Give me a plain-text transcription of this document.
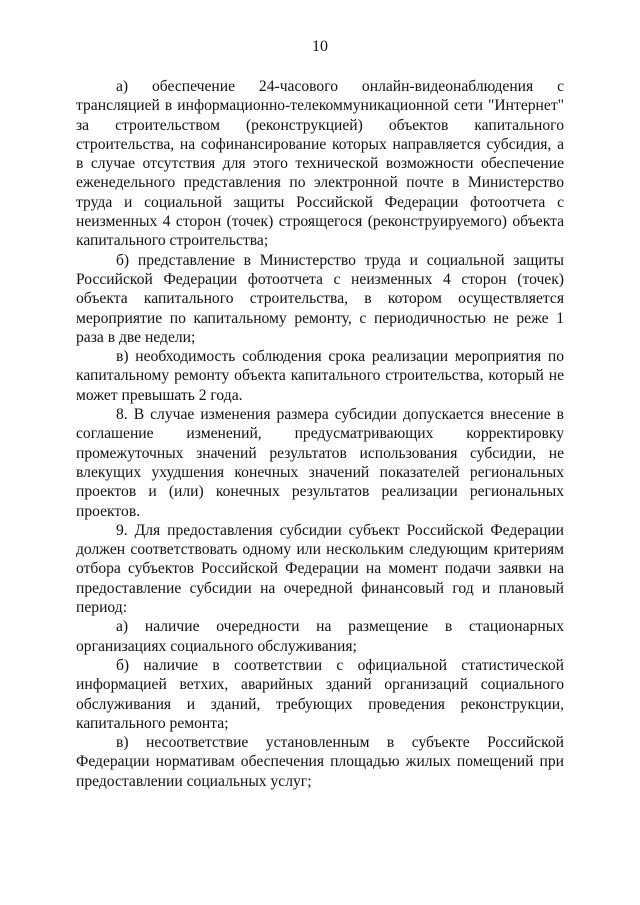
10

а) обеспечение 24-часового онлайн-видеонаблюдения с трансляцией в информационно-телекоммуникационной сети "Интернет" за строительством (реконструкцией) объектов капитального строительства, на софинансирование которых направляется субсидия, а в случае отсутствия для этого технической возможности обеспечение еженедельного представления по электронной почте в Министерство труда и социальной защиты Российской Федерации фотоотчета с неизменных 4 сторон (точек) строящегося (реконструируемого) объекта капитального строительства;

б) представление в Министерство труда и социальной защиты Российской Федерации фотоотчета с неизменных 4 сторон (точек) объекта капитального строительства, в котором осуществляется мероприятие по капитальному ремонту, с периодичностью не реже 1 раза в две недели;

в) необходимость соблюдения срока реализации мероприятия по капитальному ремонту объекта капитального строительства, который не может превышать 2 года.

8. В случае изменения размера субсидии допускается внесение в соглашение изменений, предусматривающих корректировку промежуточных значений результатов использования субсидии, не влекущих ухудшения конечных значений показателей региональных проектов и (или) конечных результатов реализации региональных проектов.

9. Для предоставления субсидии субъект Российской Федерации должен соответствовать одному или нескольким следующим критериям отбора субъектов Российской Федерации на момент подачи заявки на предоставление субсидии на очередной финансовый год и плановый период:

а) наличие очередности на размещение в стационарных организациях социального обслуживания;

б) наличие в соответствии с официальной статистической информацией ветхих, аварийных зданий организаций социального обслуживания и зданий, требующих проведения реконструкции, капитального ремонта;

в) несоответствие установленным в субъекте Российской Федерации нормативам обеспечения площадью жилых помещений при предоставлении социальных услуг;
